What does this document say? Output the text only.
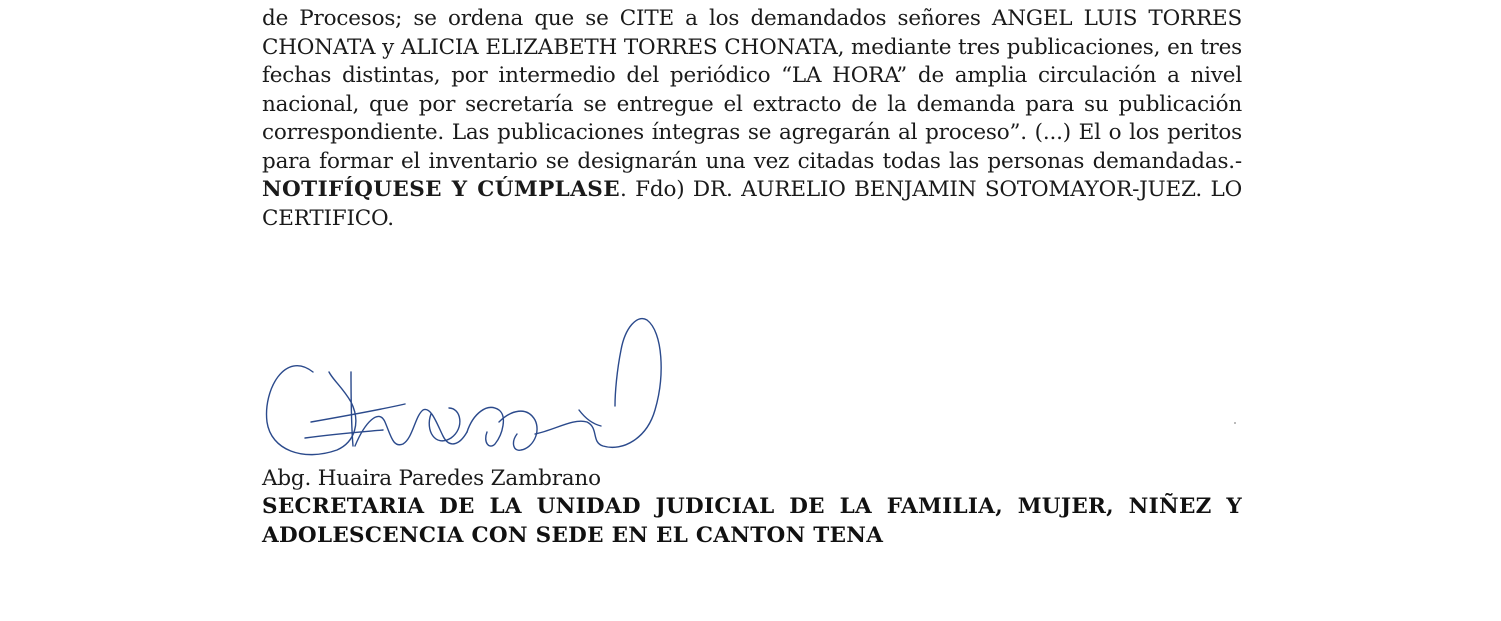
de Procesos; se ordena que se CITE a los demandados señores ANGEL LUIS TORRES CHONATA y ALICIA ELIZABETH TORRES CHONATA, mediante tres publicaciones, en tres fechas distintas, por intermedio del periódico “LA HORA” de amplia circulación a nivel nacional, que por secretaría se entregue el extracto de la demanda para su publicación correspondiente. Las publicaciones íntegras se agregarán al proceso”. (...) El o los peritos para formar el inventario se designarán una vez citadas todas las personas demandadas.- NOTIFÍQUESE Y CÚMPLASE. Fdo) DR. AURELIO BENJAMIN SOTOMAYOR-JUEZ. LO CERTIFICO.

Abg. Huaira Paredes Zambrano

SECRETARIA DE LA UNIDAD JUDICIAL DE LA FAMILIA, MUJER, NIÑEZ Y ADOLESCENCIA CON SEDE EN EL CANTON TENA
